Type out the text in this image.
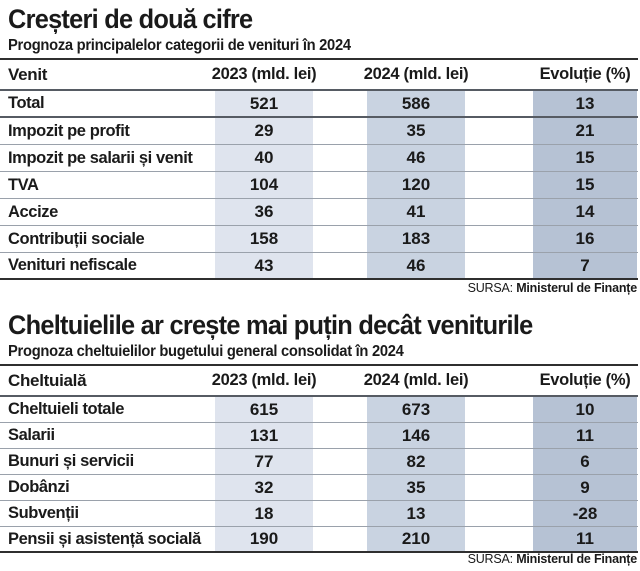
Creșteri de două cifre
Prognoza principalelor categorii de venituri în 2024
Venit	2023 (mld. lei)	2024 (mld. lei)	Evoluție (%)
Total	521	586	13
Impozit pe profit	29	35	21
Impozit pe salarii și venit	40	46	15
TVA	104	120	15
Accize	36	41	14
Contribuții sociale	158	183	16
Venituri nefiscale	43	46	7
SURSA: Ministerul de Finanțe
Cheltuielile ar crește mai puțin decât veniturile
Prognoza cheltuielilor bugetului general consolidat în 2024
Cheltuială	2023 (mld. lei)	2024 (mld. lei)	Evoluție (%)
Cheltuieli totale	615	673	10
Salarii	131	146	11
Bunuri și servicii	77	82	6
Dobânzi	32	35	9
Subvenții	18	13	-28
Pensii și asistență socială	190	210	11
SURSA: Ministerul de Finanțe
